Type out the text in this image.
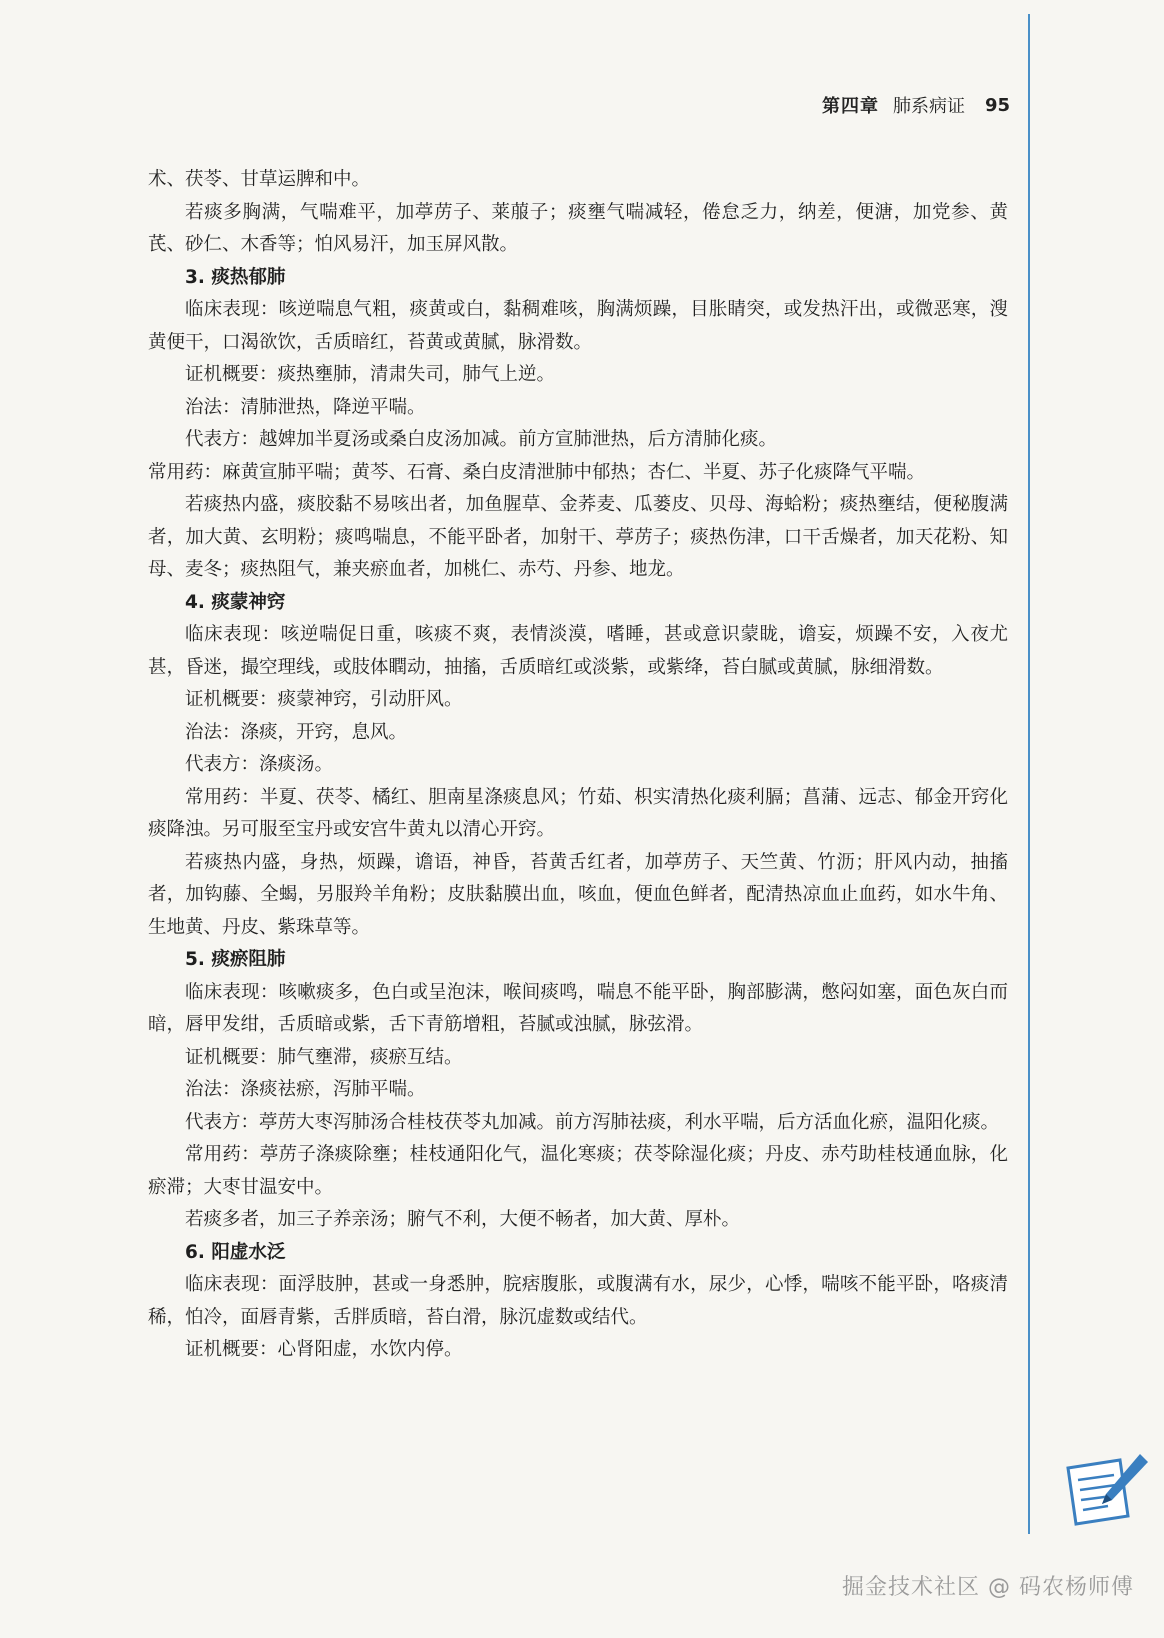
第四章 肺系病证 95

术、茯苓、甘草运脾和中。

若痰多胸满，气喘难平，加葶苈子、莱菔子；痰壅气喘减轻，倦怠乏力，纳差，便溏，加党参、黄芪、砂仁、木香等；怕风易汗，加玉屏风散。

3. 痰热郁肺

临床表现：咳逆喘息气粗，痰黄或白，黏稠难咳，胸满烦躁，目胀睛突，或发热汗出，或微恶寒，溲黄便干，口渴欲饮，舌质暗红，苔黄或黄腻，脉滑数。

证机概要：痰热壅肺，清肃失司，肺气上逆。

治法：清肺泄热，降逆平喘。

代表方：越婢加半夏汤或桑白皮汤加减。前方宣肺泄热，后方清肺化痰。

常用药：麻黄宣肺平喘；黄芩、石膏、桑白皮清泄肺中郁热；杏仁、半夏、苏子化痰降气平喘。

若痰热内盛，痰胶黏不易咳出者，加鱼腥草、金荞麦、瓜蒌皮、贝母、海蛤粉；痰热壅结，便秘腹满者，加大黄、玄明粉；痰鸣喘息，不能平卧者，加射干、葶苈子；痰热伤津，口干舌燥者，加天花粉、知母、麦冬；痰热阻气，兼夹瘀血者，加桃仁、赤芍、丹参、地龙。

4. 痰蒙神窍

临床表现：咳逆喘促日重，咳痰不爽，表情淡漠，嗜睡，甚或意识蒙眬，谵妄，烦躁不安，入夜尤甚，昏迷，撮空理线，或肢体瞤动，抽搐，舌质暗红或淡紫，或紫绛，苔白腻或黄腻，脉细滑数。

证机概要：痰蒙神窍，引动肝风。

治法：涤痰，开窍，息风。

代表方：涤痰汤。

常用药：半夏、茯苓、橘红、胆南星涤痰息风；竹茹、枳实清热化痰利膈；菖蒲、远志、郁金开窍化痰降浊。另可服至宝丹或安宫牛黄丸以清心开窍。

若痰热内盛，身热，烦躁，谵语，神昏，苔黄舌红者，加葶苈子、天竺黄、竹沥；肝风内动，抽搐者，加钩藤、全蝎，另服羚羊角粉；皮肤黏膜出血，咳血，便血色鲜者，配清热凉血止血药，如水牛角、生地黄、丹皮、紫珠草等。

5. 痰瘀阻肺

临床表现：咳嗽痰多，色白或呈泡沫，喉间痰鸣，喘息不能平卧，胸部膨满，憋闷如塞，面色灰白而暗，唇甲发绀，舌质暗或紫，舌下青筋增粗，苔腻或浊腻，脉弦滑。

证机概要：肺气壅滞，痰瘀互结。

治法：涤痰祛瘀，泻肺平喘。

代表方：葶苈大枣泻肺汤合桂枝茯苓丸加减。前方泻肺祛痰，利水平喘，后方活血化瘀，温阳化痰。

常用药：葶苈子涤痰除壅；桂枝通阳化气，温化寒痰；茯苓除湿化痰；丹皮、赤芍助桂枝通血脉，化瘀滞；大枣甘温安中。

若痰多者，加三子养亲汤；腑气不利，大便不畅者，加大黄、厚朴。

6. 阳虚水泛

临床表现：面浮肢肿，甚或一身悉肿，脘痞腹胀，或腹满有水，尿少，心悸，喘咳不能平卧，咯痰清稀，怕冷，面唇青紫，舌胖质暗，苔白滑，脉沉虚数或结代。

证机概要：心肾阳虚，水饮内停。

掘金技术社区 @ 码农杨师傅
